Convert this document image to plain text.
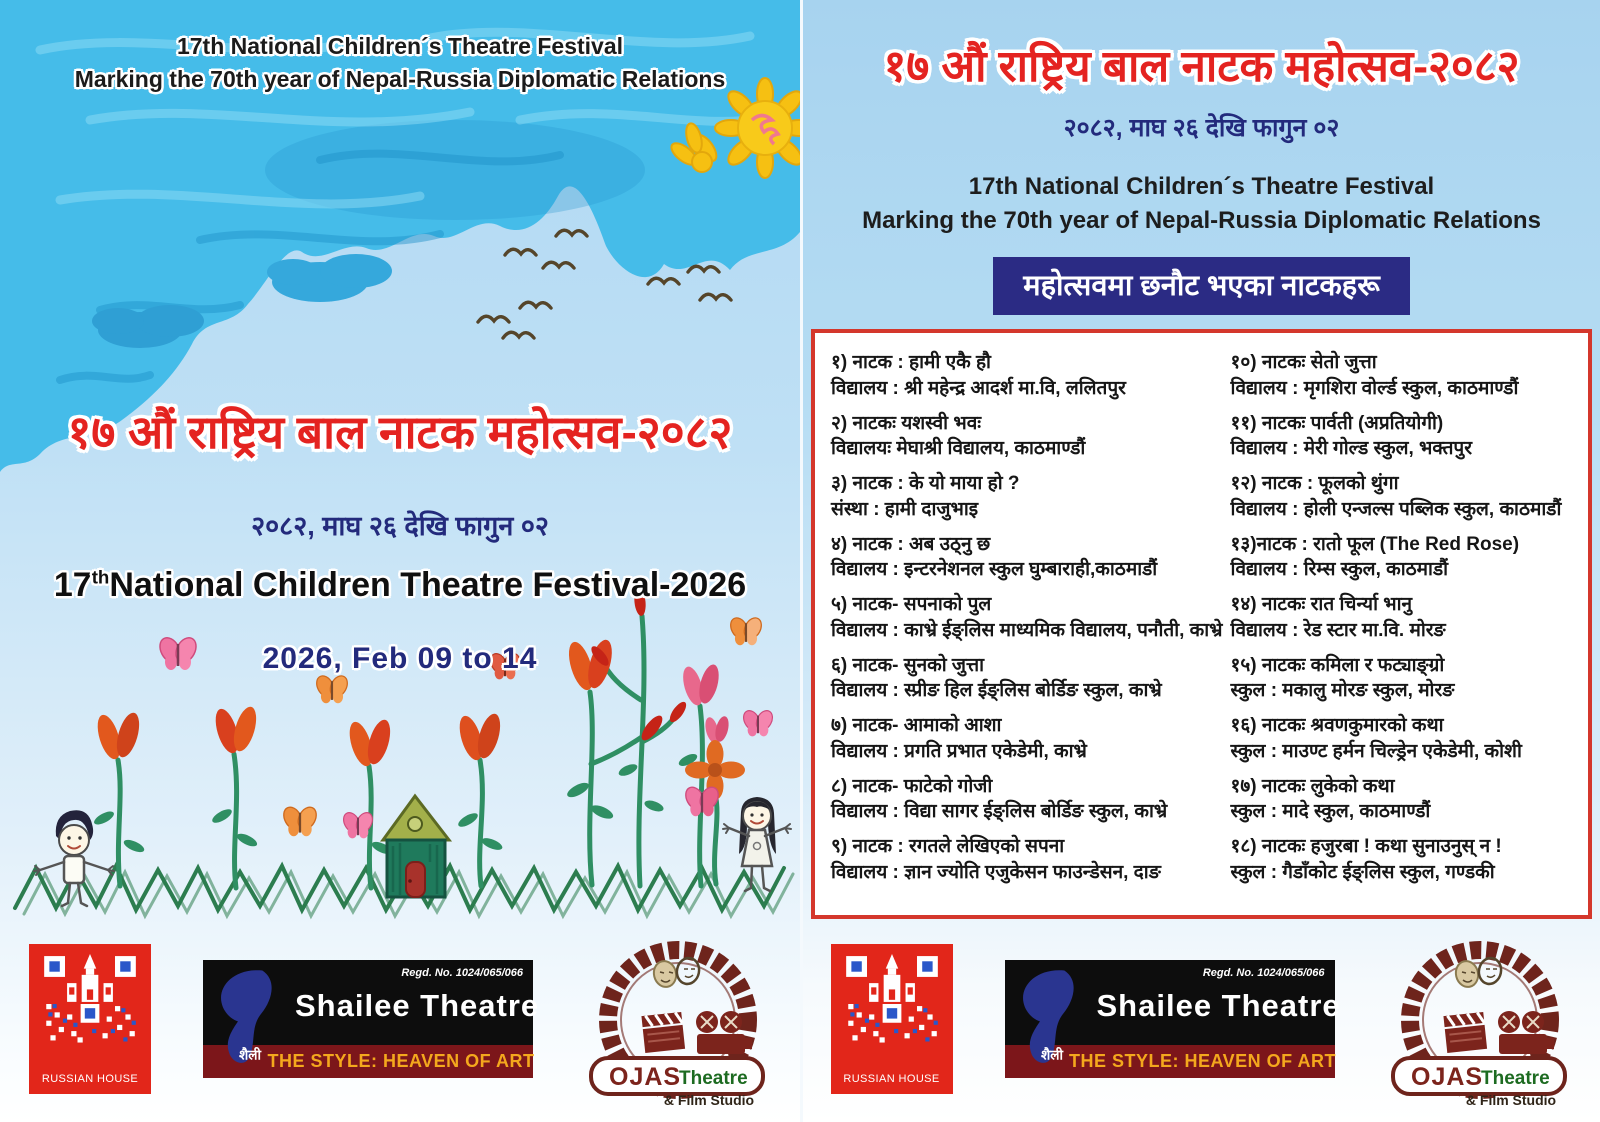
17th National Children´s Theatre Festival
Marking the 70th year of Nepal-Russia Diplomatic Relations
१७ औं राष्ट्रिय बाल नाटक महोत्सव-२०८२
२०८२, माघ २६ देखि फागुन ०२
17thNational Children Theatre Festival-2026
2026, Feb 09 to 14
RUSSIAN HOUSE
शैली
Regd. No. 1024/065/066
Shailee Theatre
THE STYLE: HEAVEN OF ART
OJAS
Theatre
& Film Studio
१७ औं राष्ट्रिय बाल नाटक महोत्सव-२०८२
२०८२, माघ २६ देखि फागुन ०२
17th National Children´s Theatre Festival
Marking the 70th year of Nepal-Russia Diplomatic Relations
महोत्सवमा छनौट भएका नाटकहरू
१) नाटक : हामी एकै हौ
विद्यालय : श्री महेन्द्र आदर्श मा.वि, ललितपुर
२) नाटकः यशस्वी भवः
विद्यालयः मेघाश्री विद्यालय, काठमाण्डौं
३) नाटक : के यो माया हो ?
संस्था : हामी दाजुभाइ
४) नाटक : अब उठ्नु छ
विद्यालय : इन्टरनेशनल स्कुल घुम्बाराही,काठमाडौं
५) नाटक- सपनाको पुल
विद्यालय : काभ्रे ईङ्लिस माध्यमिक विद्यालय, पनौती, काभ्रे
६) नाटक- सुनको जुत्ता
विद्यालय : स्प्रीङ हिल ईङ्लिस बोर्डिङ स्कुल, काभ्रे
७) नाटक- आमाको आशा
विद्यालय : प्रगति प्रभात एकेडेमी, काभ्रे
८) नाटक- फाटेको गोजी
विद्यालय : विद्या सागर ईङ्लिस बोर्डिङ स्कुल, काभ्रे
९) नाटक : रगतले लेखिएको सपना
विद्यालय : ज्ञान ज्योति एजुकेसन फाउन्डेसन, दाङ
१०) नाटकः सेतो जुत्ता
विद्यालय : मृगशिरा वोर्ल्ड स्कुल, काठमाण्डौं
११) नाटकः पार्वती (अप्रतियोगी)
विद्यालय : मेरी गोल्ड स्कुल, भक्तपुर
१२) नाटक : फूलको थुंगा
विद्यालय : होली एन्जल्स पब्लिक स्कुल, काठमाडौं
१३)नाटक : रातो फूल (The Red Rose)
विद्यालय : रिम्स स्कुल, काठमाडौं
१४) नाटकः रात चिर्न्या भानु
विद्यालय : रेड स्टार मा.वि. मोरङ
१५) नाटकः कमिला र फट्याङ्ग्रो
स्कुल : मकालु मोरङ स्कुल, मोरङ
१६) नाटकः श्रवणकुमारको कथा
स्कुल : माउण्ट हर्मन चिल्ड्रेन एकेडेमी, कोशी
१७) नाटकः लुकेको कथा
स्कुल : मादे स्कुल, काठमाण्डौं
१८) नाटकः हजुरबा ! कथा सुनाउनुस् न !
स्कुल : गैडाँकोट ईङ्लिस स्कुल, गण्डकी
RUSSIAN HOUSE
शैली
Regd. No. 1024/065/066
Shailee Theatre
THE STYLE: HEAVEN OF ART
OJAS
Theatre
& Film Studio
